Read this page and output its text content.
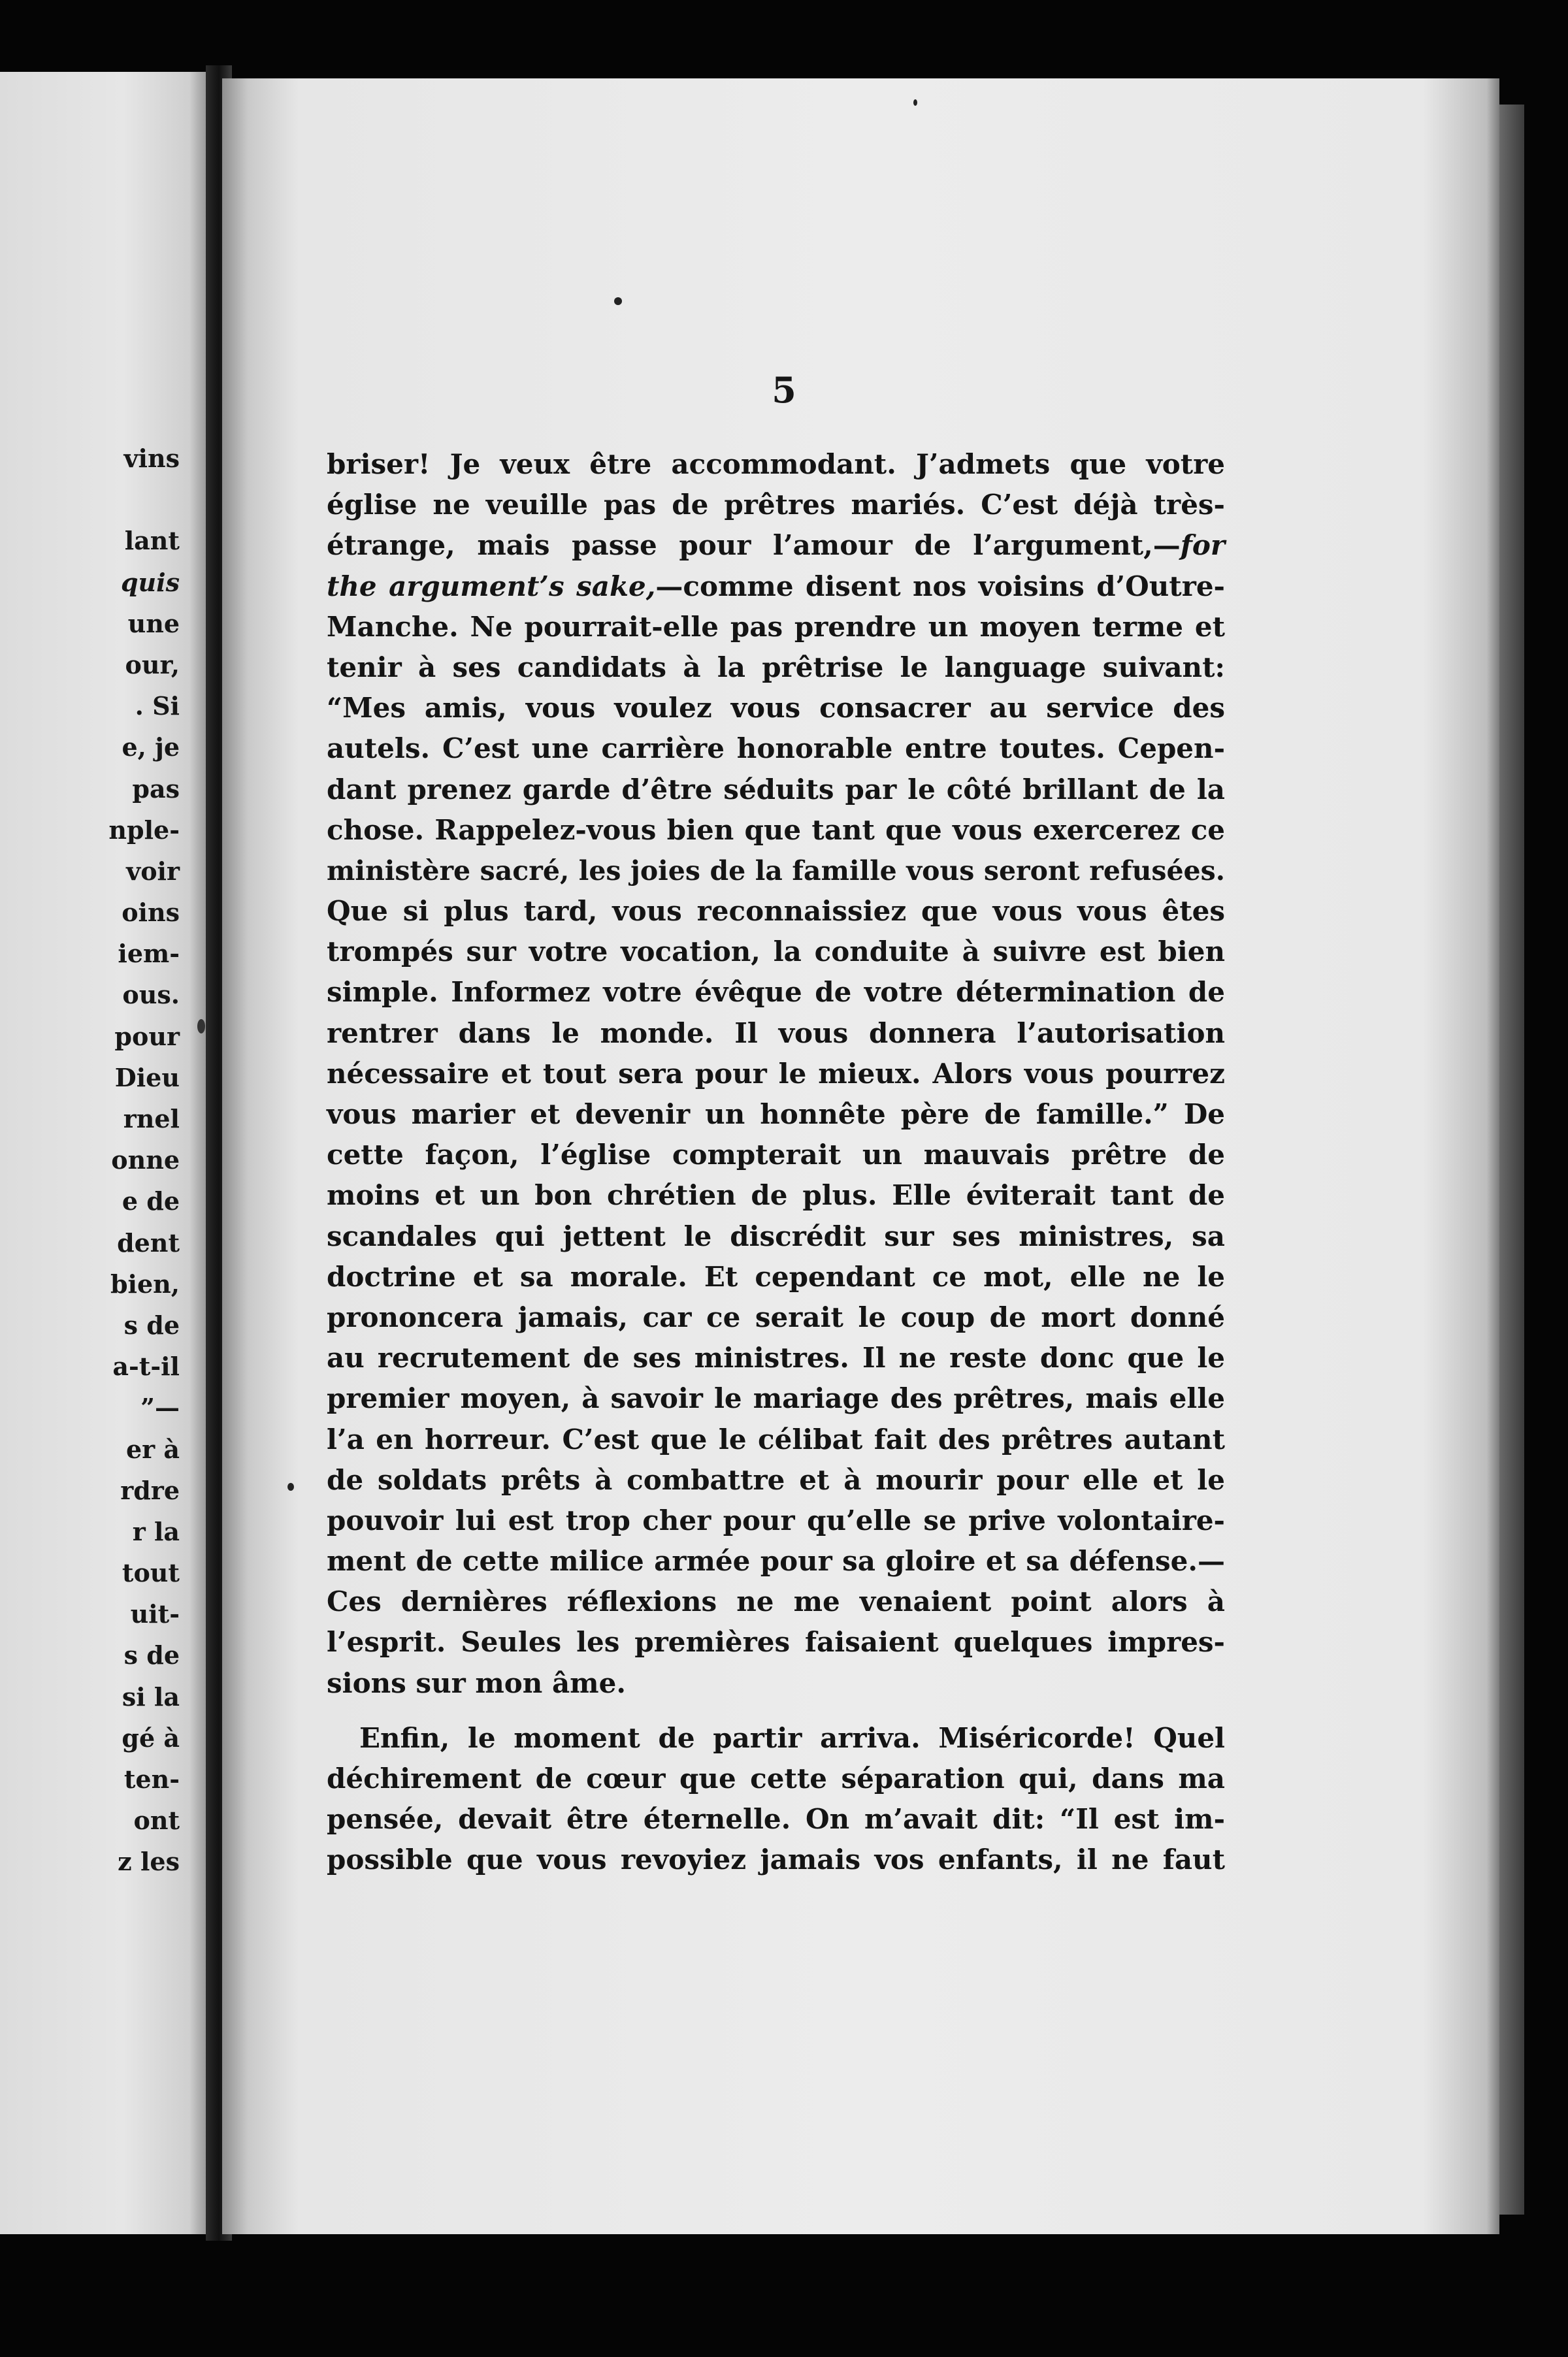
vins
lant
quis
une
our,
. Si
e, je
pas
nple-
voir
oins
iem-
ous.
pour
Dieu
rnel
onne
e de
dent
bien,
s de
a-t-il
”—
er à
rdre
r la
tout
uit-
s de
si la
gé à
ten-
ont
z les
5
briser! Je veux être accommodant. J’admets que votre
église ne veuille pas de prêtres mariés. C’est déjà très-
étrange, mais passe pour l’amour de l’argument,—for
the argument’s sake,—comme disent nos voisins d’Outre-
Manche. Ne pourrait-elle pas prendre un moyen terme et
tenir à ses candidats à la prêtrise le language suivant:
“Mes amis, vous voulez vous consacrer au service des
autels. C’est une carrière honorable entre toutes. Cepen-
dant prenez garde d’être séduits par le côté brillant de la
chose. Rappelez-vous bien que tant que vous exercerez ce
ministère sacré, les joies de la famille vous seront refusées.
Que si plus tard, vous reconnaissiez que vous vous êtes
trompés sur votre vocation, la conduite à suivre est bien
simple. Informez votre évêque de votre détermination de
rentrer dans le monde. Il vous donnera l’autorisation
nécessaire et tout sera pour le mieux. Alors vous pourrez
vous marier et devenir un honnête père de famille.” De
cette façon, l’église compterait un mauvais prêtre de
moins et un bon chrétien de plus. Elle éviterait tant de
scandales qui jettent le discrédit sur ses ministres, sa
doctrine et sa morale. Et cependant ce mot, elle ne le
prononcera jamais, car ce serait le coup de mort donné
au recrutement de ses ministres. Il ne reste donc que le
premier moyen, à savoir le mariage des prêtres, mais elle
l’a en horreur. C’est que le célibat fait des prêtres autant
de soldats prêts à combattre et à mourir pour elle et le
pouvoir lui est trop cher pour qu’elle se prive volontaire-
ment de cette milice armée pour sa gloire et sa défense.—
Ces dernières réflexions ne me venaient point alors à
l’esprit. Seules les premières faisaient quelques impres-
sions sur mon âme.
Enfin, le moment de partir arriva. Miséricorde! Quel
déchirement de cœur que cette séparation qui, dans ma
pensée, devait être éternelle. On m’avait dit: “Il est im-
possible que vous revoyiez jamais vos enfants, il ne faut
